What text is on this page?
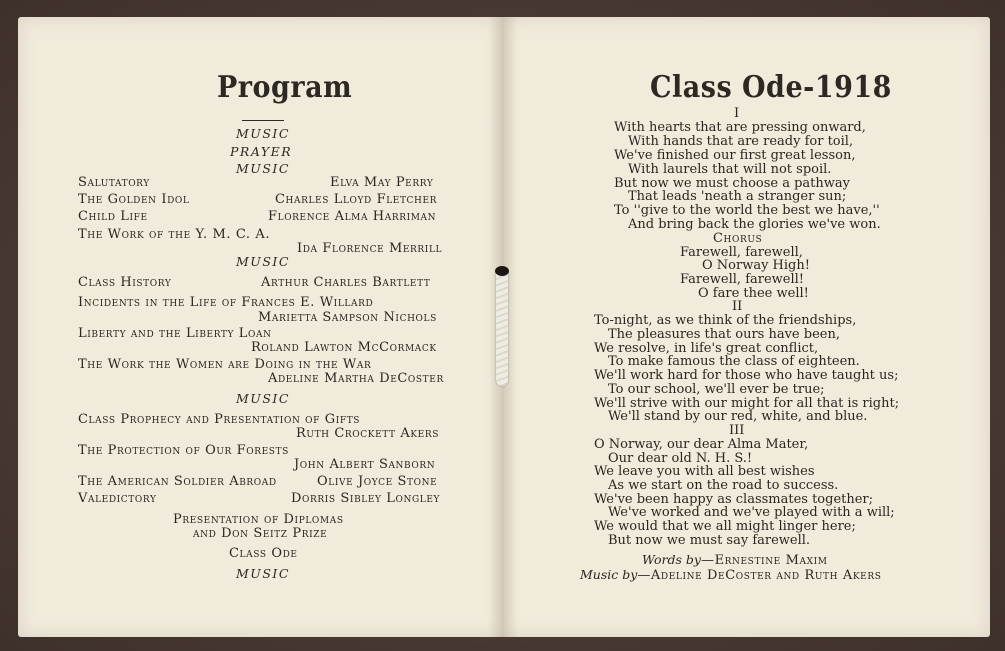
Program
MUSIC
PRAYER
MUSIC
Salutatory	Elva May Perry
The Golden Idol	Charles Lloyd Fletcher
Child Life	Florence Alma Harriman
The Work of the Y. M. C. A.
Ida Florence Merrill
MUSIC
Class History	Arthur Charles Bartlett
Incidents in the Life of Frances E. Willard
Marietta Sampson Nichols
Liberty and the Liberty Loan
Roland Lawton McCormack
The Work the Women are Doing in the War
Adeline Martha DeCoster
MUSIC
Class Prophecy and Presentation of Gifts
Ruth Crockett Akers
The Protection of Our Forests
John Albert Sanborn
The American Soldier Abroad	Olive Joyce Stone
Valedictory	Dorris Sibley Longley
Presentation of Diplomas
and Don Seitz Prize
Class Ode
MUSIC
Class Ode-1918
I
With hearts that are pressing onward,
With hands that are ready for toil,
We've finished our first great lesson,
With laurels that will not spoil.
But now we must choose a pathway
That leads 'neath a stranger sun;
To ''give to the world the best we have,''
And bring back the glories we've won.
Chorus
Farewell, farewell,
O Norway High!
Farewell, farewell!
O fare thee well!
II
To-night, as we think of the friendships,
The pleasures that ours have been,
We resolve, in life's great conflict,
To make famous the class of eighteen.
We'll work hard for those who have taught us;
To our school, we'll ever be true;
We'll strive with our might for all that is right;
We'll stand by our red, white, and blue.
III
O Norway, our dear Alma Mater,
Our dear old N. H. S.!
We leave you with all best wishes
As we start on the road to success.
We've been happy as classmates together;
We've worked and we've played with a will;
We would that we all might linger here;
But now we must say farewell.
Words by—Ernestine Maxim
Music by—Adeline DeCoster and Ruth Akers
